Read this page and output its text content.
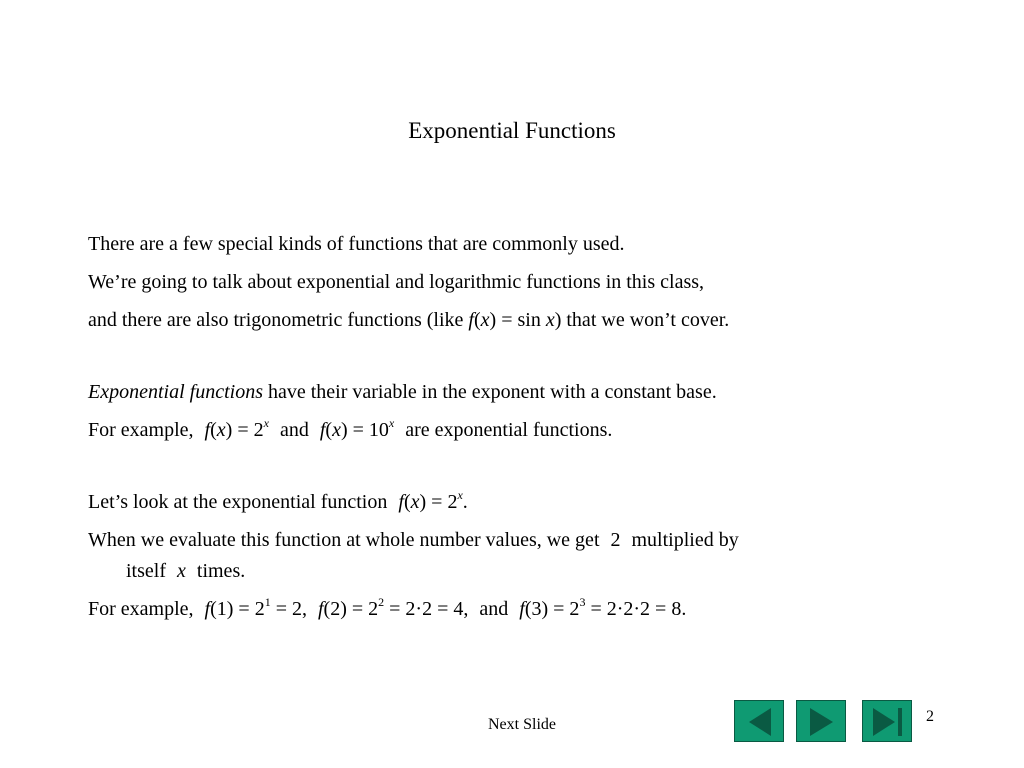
Exponential Functions
There are a few special kinds of functions that are commonly used.
We’re going to talk about exponential and logarithmic functions in this class,
and there are also trigonometric functions (like f(x) = sin x) that we won’t cover.
Exponential functions have their variable in the exponent with a constant base.
For example, $f(x) = 2^x$ and $f(x) = 10^x$ are exponential functions.
Let’s look at the exponential function $f(x) = 2^x$.
When we evaluate this function at whole number values, we get 2 multiplied by
itself x times.
For example, $f(1) = 2^1 = 2$, $f(2) = 2^2 = 2\cdot 2 = 4$, and $f(3) = 2^3 = 2\cdot 2\cdot 2 = 8$.
Next Slide	2
